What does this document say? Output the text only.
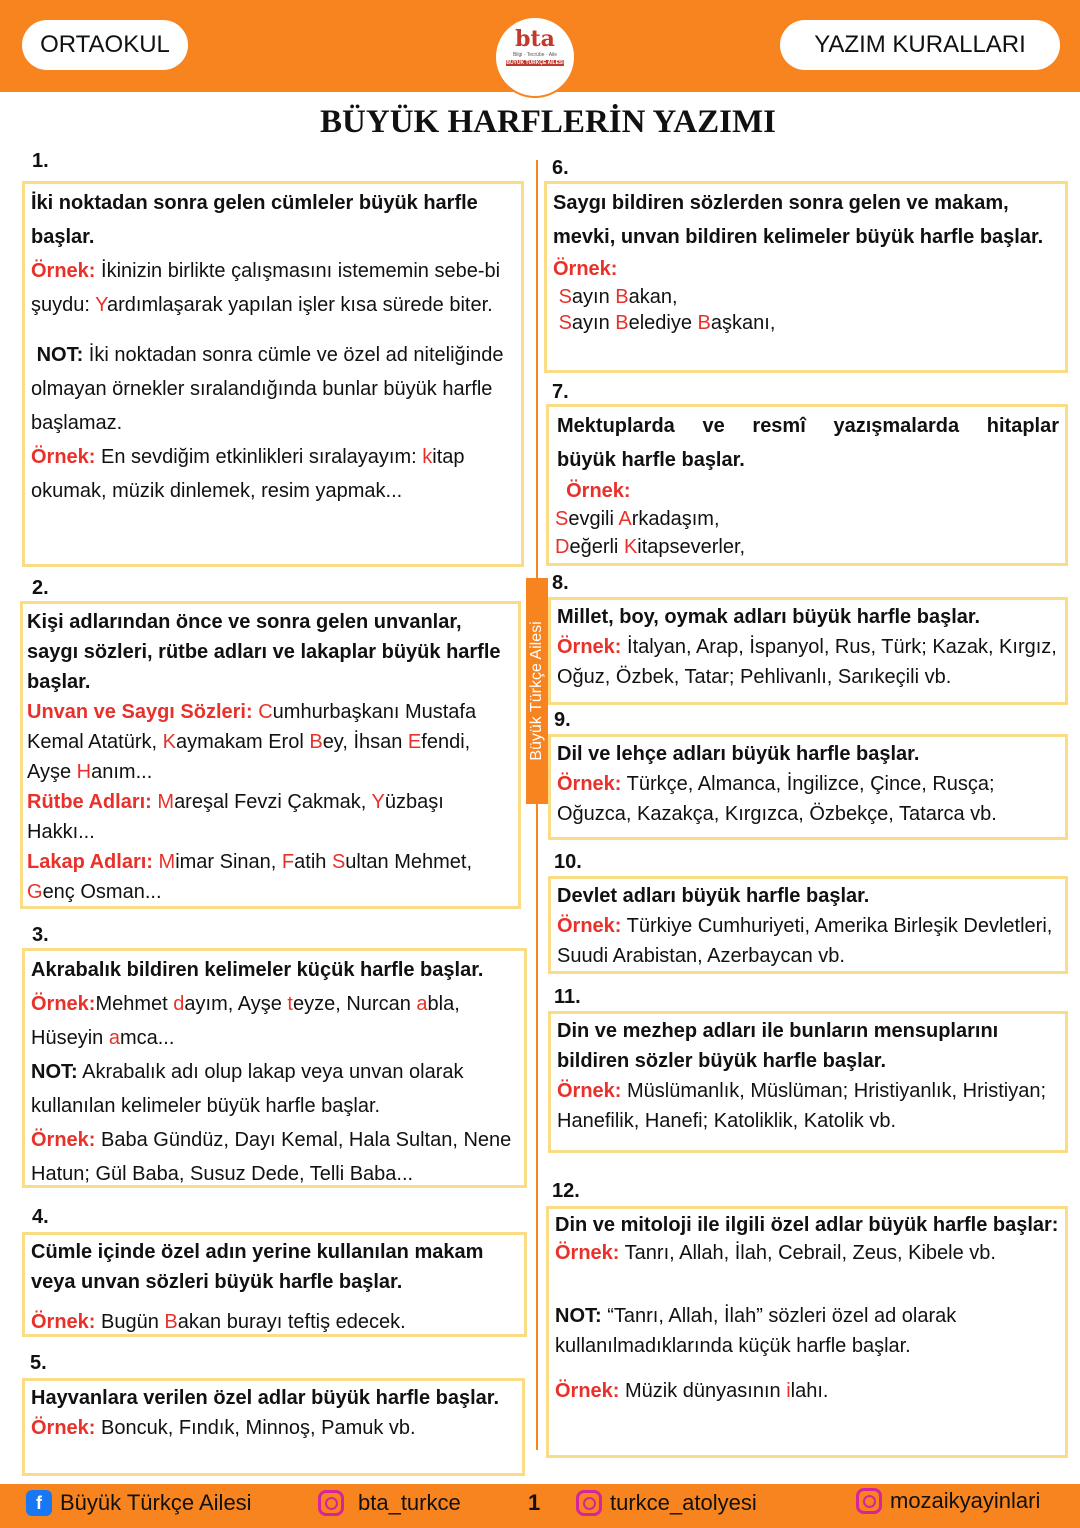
ORTAOKUL	bta
Bilgi · Tecrübe · Aile
BÜYÜK TÜRKÇE AİLESİ
YAZIM KURALLARI
BÜYÜK HARFLERİN YAZIMI
Büyük Türkçe Ailesi
1.

İki noktadan sonra gelen cümleler büyük harfle başlar.

Örnek: İkinizin birlikte çalışmasını istememin sebe-bi şuydu: Yardımlaşarak yapılan işler kısa sürede biter.

NOT: İki noktadan sonra cümle ve özel ad niteliğinde olmayan örnekler sıralandığında bunlar büyük harfle başlamaz.

Örnek: En sevdiğim etkinlikleri sıralayayım: kitap okumak, müzik dinlemek, resim yapmak...

2.

Kişi adlarından önce ve sonra gelen unvanlar, saygı sözleri, rütbe adları ve lakaplar büyük harfle başlar.

Unvan ve Saygı Sözleri: Cumhurbaşkanı Mustafa Kemal Atatürk, Kaymakam Erol Bey, İhsan Efendi, Ayşe Hanım...

Rütbe Adları: Mareşal Fevzi Çakmak, Yüzbaşı Hakkı...

Lakap Adları: Mimar Sinan, Fatih Sultan Mehmet, Genç Osman...

3.

Akrabalık bildiren kelimeler küçük harfle başlar.

Örnek:Mehmet dayım, Ayşe teyze, Nurcan abla, Hüseyin amca...

NOT: Akrabalık adı olup lakap veya unvan olarak kullanılan kelimeler büyük harfle başlar.

Örnek: Baba Gündüz, Dayı Kemal, Hala Sultan, Nene Hatun; Gül Baba, Susuz Dede, Telli Baba...

4.

Cümle içinde özel adın yerine kullanılan makam veya unvan sözleri büyük harfle başlar.

Örnek: Bugün Bakan burayı teftiş edecek.

5.

Hayvanlara verilen özel adlar büyük harfle başlar.

Örnek: Boncuk, Fındık, Minnoş, Pamuk vb.

6.

Saygı bildiren sözlerden sonra gelen ve makam, mevki, unvan bildiren kelimeler büyük harfle başlar.

Örnek:

Sayın Bakan,

Sayın Belediye Başkanı,

7.

Mektuplarda ve resmî yazışmalarda hitaplar

büyük harfle başlar.

Örnek:

Sevgili Arkadaşım,

Değerli Kitapseverler,

8.

Millet, boy, oymak adları büyük harfle başlar.

Örnek: İtalyan, Arap, İspanyol, Rus, Türk; Kazak, Kırgız, Oğuz, Özbek, Tatar; Pehlivanlı, Sarıkeçili vb.

9.

Dil ve lehçe adları büyük harfle başlar.

Örnek: Türkçe, Almanca, İngilizce, Çince, Rusça; Oğuzca, Kazakça, Kırgızca, Özbekçe, Tatarca vb.

10.

Devlet adları büyük harfle başlar.

Örnek: Türkiye Cumhuriyeti, Amerika Birleşik Devletleri, Suudi Arabistan, Azerbaycan vb.

11.

Din ve mezhep adları ile bunların mensuplarını bildiren sözler büyük harfle başlar.

Örnek: Müslümanlık, Müslüman; Hristiyanlık, Hristiyan; Hanefilik, Hanefi; Katoliklik, Katolik vb.

12.

Din ve mitoloji ile ilgili özel adlar büyük harfle başlar:

Örnek: Tanrı, Allah, İlah, Cebrail, Zeus, Kibele vb.

NOT: “Tanrı, Allah, İlah” sözleri özel ad olarak kullanılmadıklarında küçük harfle başlar.

Örnek: Müzik dünyasının ilahı.

f Büyük Türkçe Ailesi	bta_turkce	turkce_atolyesi	mozaikyayinlari
1
